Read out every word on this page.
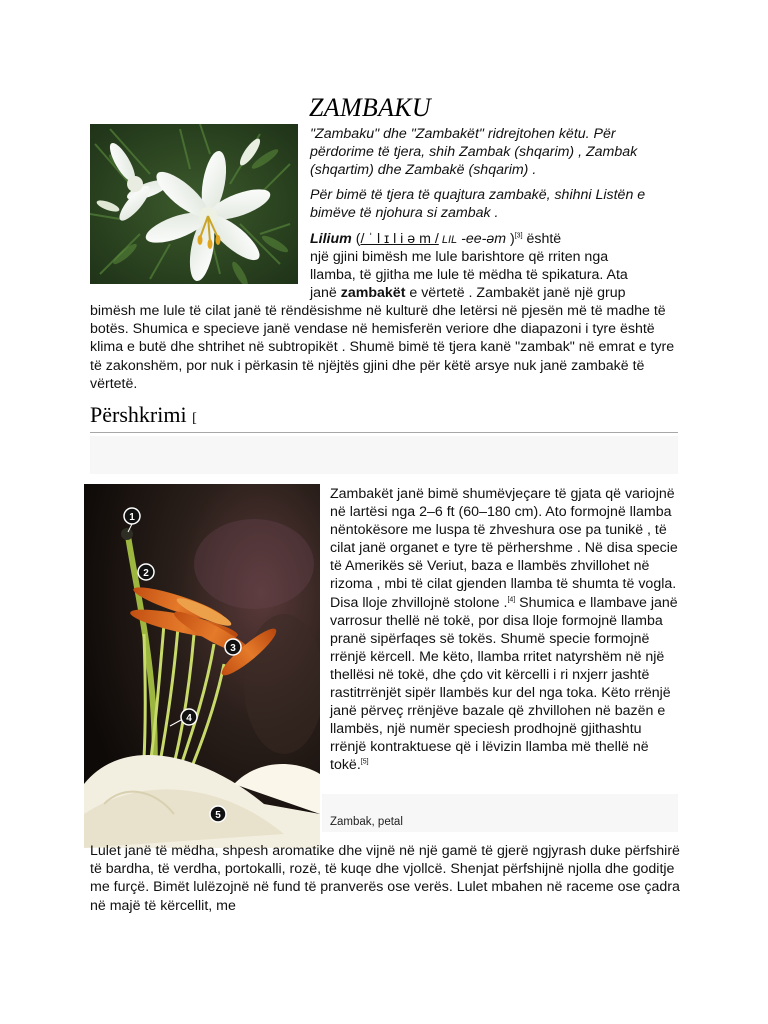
ZAMBAKU
"Zambaku" dhe "Zambakët" ridrejtohen këtu. Për përdorime të tjera, shih Zambak (shqarim) , Zambak (shqartim) dhe Zambakë (shqarim) .
Për bimë të tjera të quajtura zambakë, shihni Listën e bimëve të njohura si zambak .
Lilium (/ ˈ l ɪ l i ə m / LIL -ee-əm )[3] është
një gjini bimësh me lule barishtore që rriten nga
llamba, të gjitha me lule të mëdha të spikatura. Ata
janë zambakët e vërtetë . Zambakët janë një grup
bimësh me lule të cilat janë të rëndësishme në kulturë dhe letërsi në pjesën më të madhe të botës. Shumica e specieve janë vendase në hemisferën veriore dhe diapazoni i tyre është klima e butë dhe shtrihet në subtropikët . Shumë bimë të tjera kanë "zambak" në emrat e tyre të zakonshëm, por nuk i përkasin të njëjtës gjini dhe për këtë arsye nuk janë zambakë të vërtetë.
Përshkrimi [
1
2
3
4
5
Zambakët janë bimë shumëvjeçare të gjata që variojnë në lartësi nga 2–6 ft (60–180 cm). Ato formojnë llamba nëntokësore me luspa të zhveshura ose pa tunikë , të cilat janë organet e tyre të përhershme . Në disa specie të Amerikës së Veriut, baza e llambës zhvillohet në rizoma , mbi të cilat gjenden llamba të shumta të vogla. Disa lloje zhvillojnë stolone .[4] Shumica e llambave janë varrosur thellë në tokë, por disa lloje formojnë llamba pranë sipërfaqes së tokës. Shumë specie formojnë rrënjë kërcell. Me këto, llamba rritet natyrshëm në një thellësi në tokë, dhe çdo vit kërcelli i ri nxjerr jashtë rastitrrënjët sipër llambës kur del nga toka. Këto rrënjë janë përveç rrënjëve bazale që zhvillohen në bazën e llambës, një numër speciesh prodhojnë gjithashtu rrënjë kontraktuese që i lëvizin llamba më thellë në tokë.[5]
Zambak, petal
Lulet janë të mëdha, shpesh aromatike dhe vijnë në një gamë të gjerë ngjyrash duke përfshirë të bardha, të verdha, portokalli, rozë, të kuqe dhe vjollcë. Shenjat përfshijnë njolla dhe goditje me furçë. Bimët lulëzojnë në fund të pranverës ose verës. Lulet mbahen në raceme ose çadra në majë të kërcellit, me
